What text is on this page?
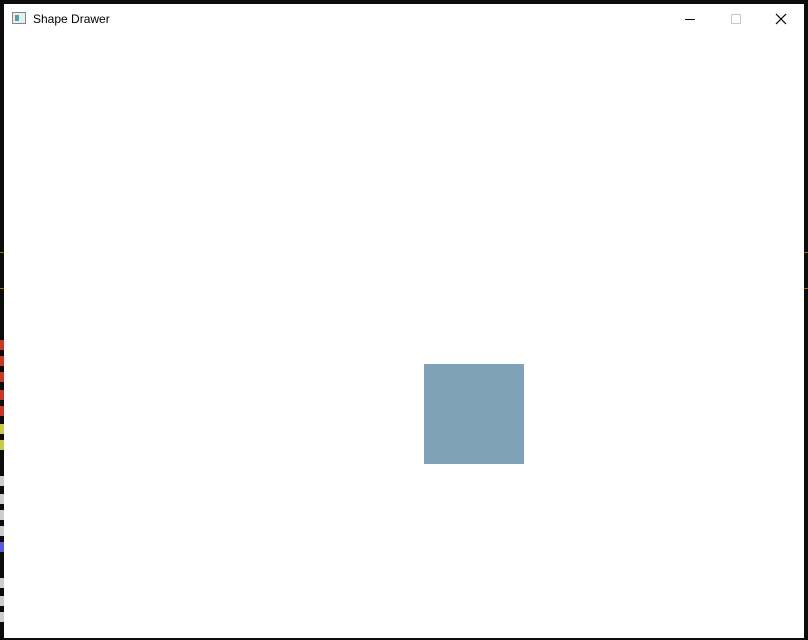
Shape Drawer
